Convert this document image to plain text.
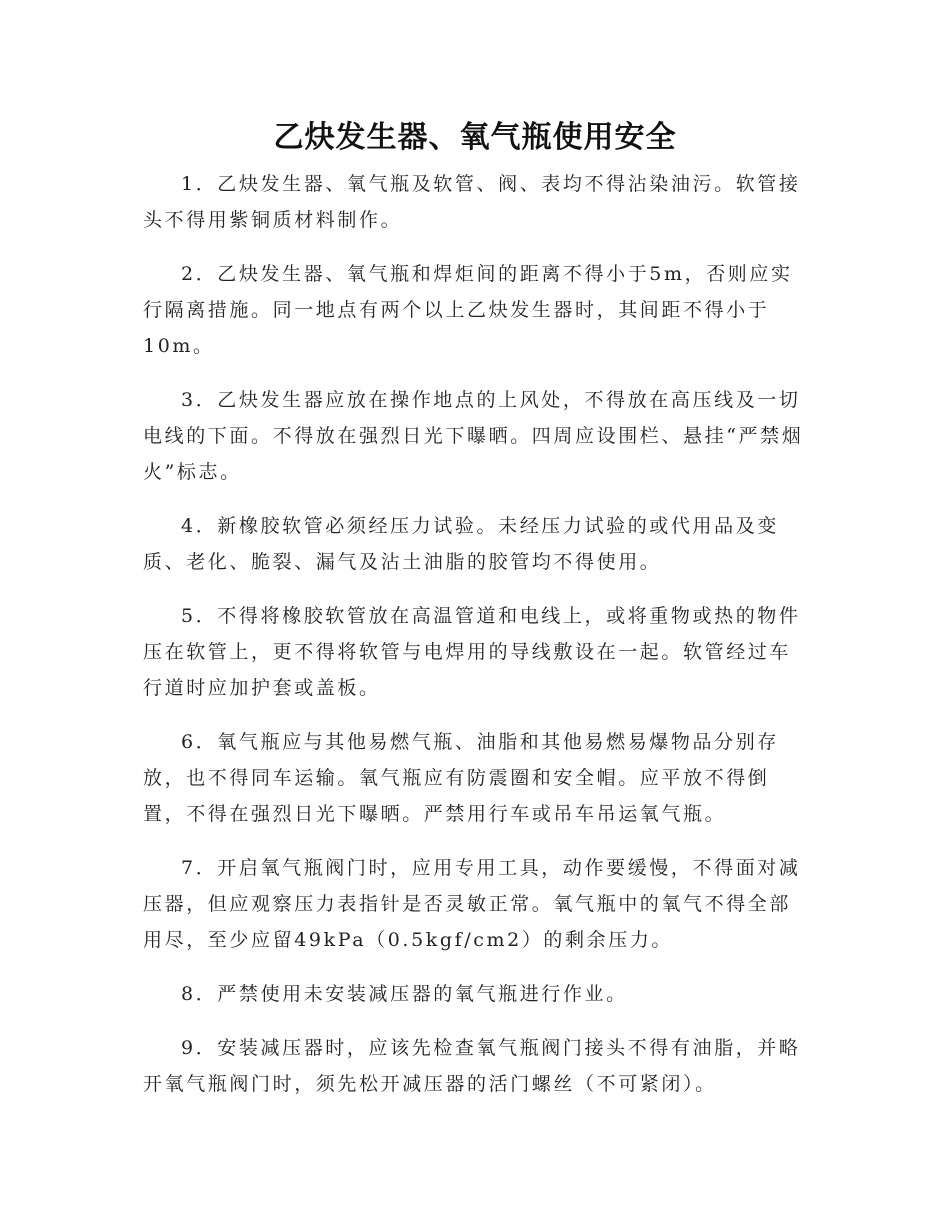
乙炔发生器、氧气瓶使用安全

1．乙炔发生器、氧气瓶及软管、阀、表均不得沾染油污。软管接头不得用紫铜质材料制作。

2．乙炔发生器、氧气瓶和焊炬间的距离不得小于5m，否则应实行隔离措施。同一地点有两个以上乙炔发生器时，其间距不得小于10m。

3．乙炔发生器应放在操作地点的上风处，不得放在高压线及一切电线的下面。不得放在强烈日光下曝晒。四周应设围栏、悬挂“严禁烟火”标志。

4．新橡胶软管必须经压力试验。未经压力试验的或代用品及变质、老化、脆裂、漏气及沾土油脂的胶管均不得使用。

5．不得将橡胶软管放在高温管道和电线上，或将重物或热的物件压在软管上，更不得将软管与电焊用的导线敷设在一起。软管经过车行道时应加护套或盖板。

6．氧气瓶应与其他易燃气瓶、油脂和其他易燃易爆物品分别存放，也不得同车运输。氧气瓶应有防震圈和安全帽。应平放不得倒置，不得在强烈日光下曝晒。严禁用行车或吊车吊运氧气瓶。

7．开启氧气瓶阀门时，应用专用工具，动作要缓慢，不得面对减压器，但应观察压力表指针是否灵敏正常。氧气瓶中的氧气不得全部用尽，至少应留49kPa（0.5kgf/cm2）的剩余压力。

8．严禁使用未安装减压器的氧气瓶进行作业。

9．安装减压器时，应该先检查氧气瓶阀门接头不得有油脂，并略开氧气瓶阀门时，须先松开减压器的活门螺丝（不可紧闭）。
